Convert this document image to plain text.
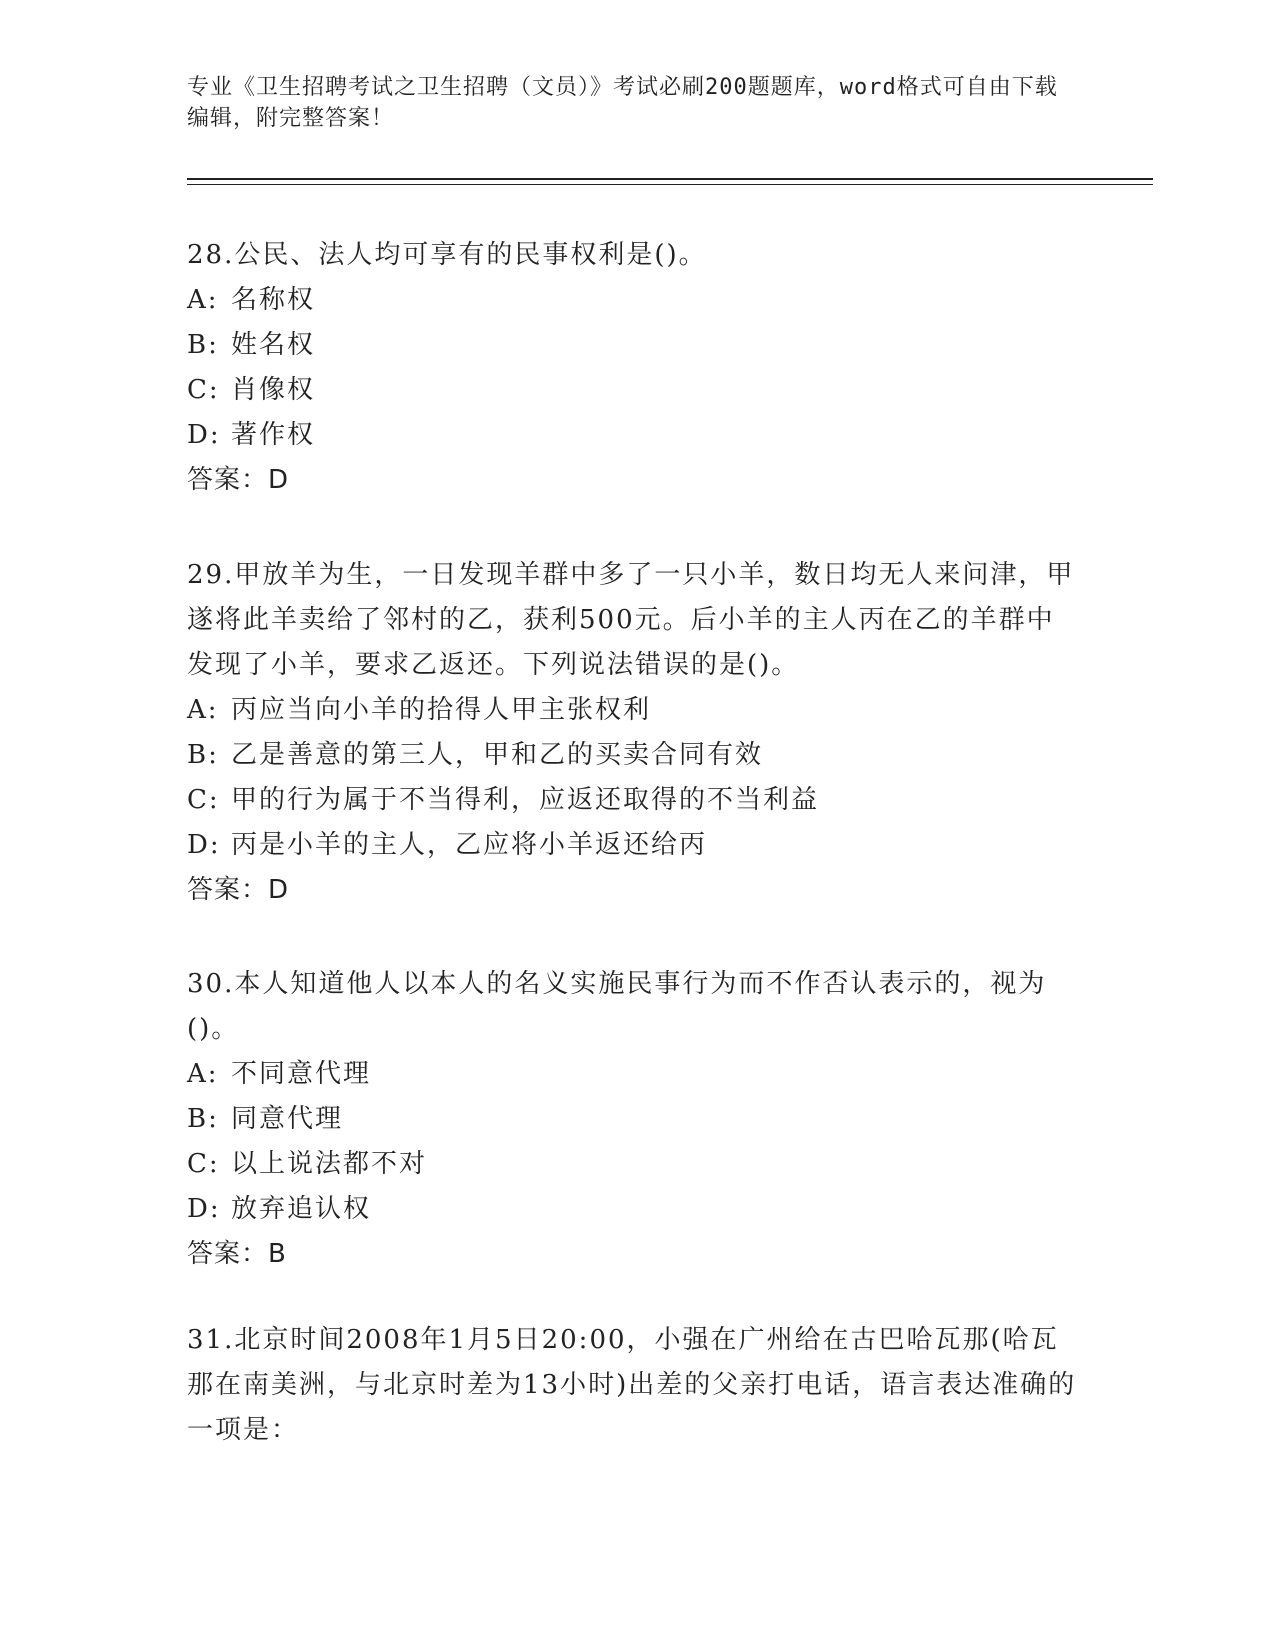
专业《卫生招聘考试之卫生招聘（文员）》考试必刷200题题库，word格式可自由下载编辑，附完整答案！

28.公民、法人均可享有的民事权利是()。

A: 名称权
B: 姓名权
C: 肖像权
D: 著作权
答案：D

29.甲放羊为生，一日发现羊群中多了一只小羊，数日均无人来问津，甲遂将此羊卖给了邻村的乙，获利500元。后小羊的主人丙在乙的羊群中发现了小羊，要求乙返还。下列说法错误的是()。

A: 丙应当向小羊的拾得人甲主张权利
B: 乙是善意的第三人，甲和乙的买卖合同有效
C: 甲的行为属于不当得利，应返还取得的不当利益
D: 丙是小羊的主人，乙应将小羊返还给丙
答案：D

30.本人知道他人以本人的名义实施民事行为而不作否认表示的，视为()。

A: 不同意代理
B: 同意代理
C: 以上说法都不对
D: 放弃追认权
答案：B

31.北京时间2008年1月5日20:00，小强在广州给在古巴哈瓦那(哈瓦那在南美洲，与北京时差为13小时)出差的父亲打电话，语言表达准确的一项是：
